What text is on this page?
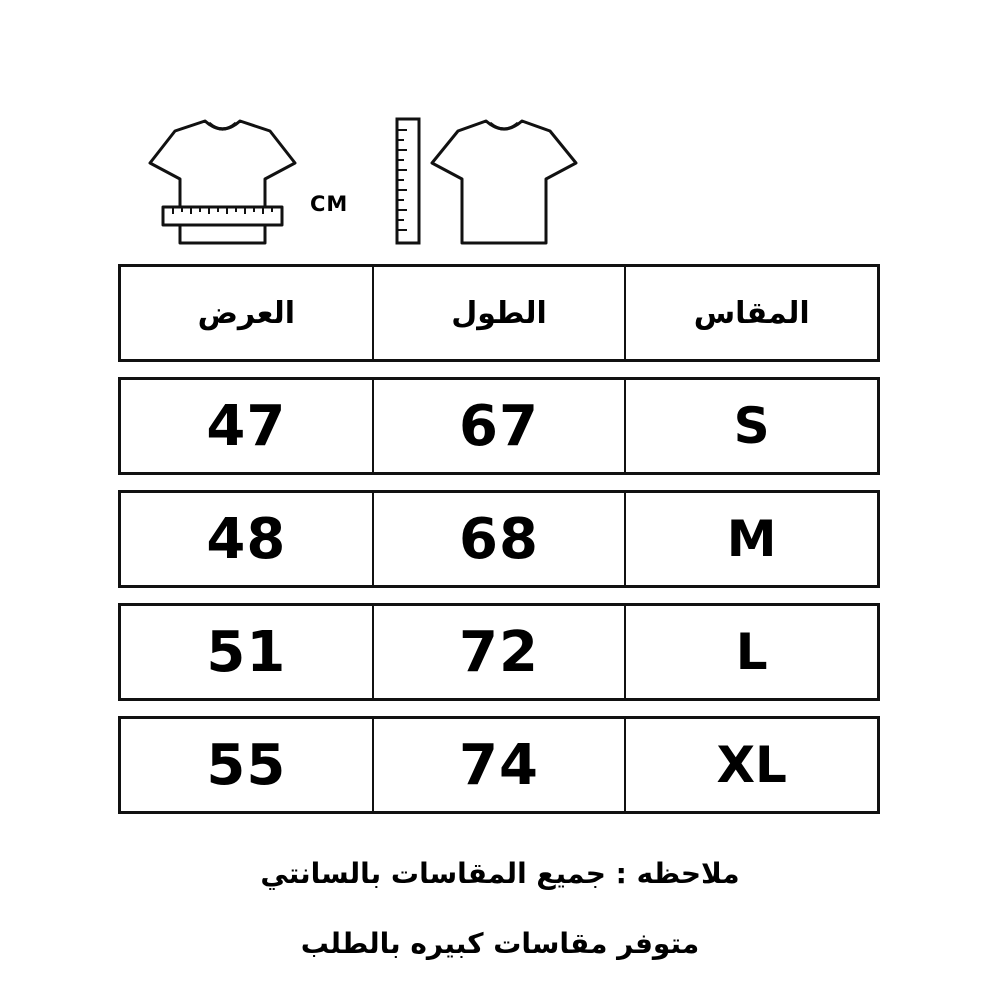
CM
العرض	الطول	المقاس
47	67	S
48	68	M
51	72	L
55	74	XL
ملاحظه : جميع المقاسات بالسانتي
متوفر مقاسات كبيره بالطلب
